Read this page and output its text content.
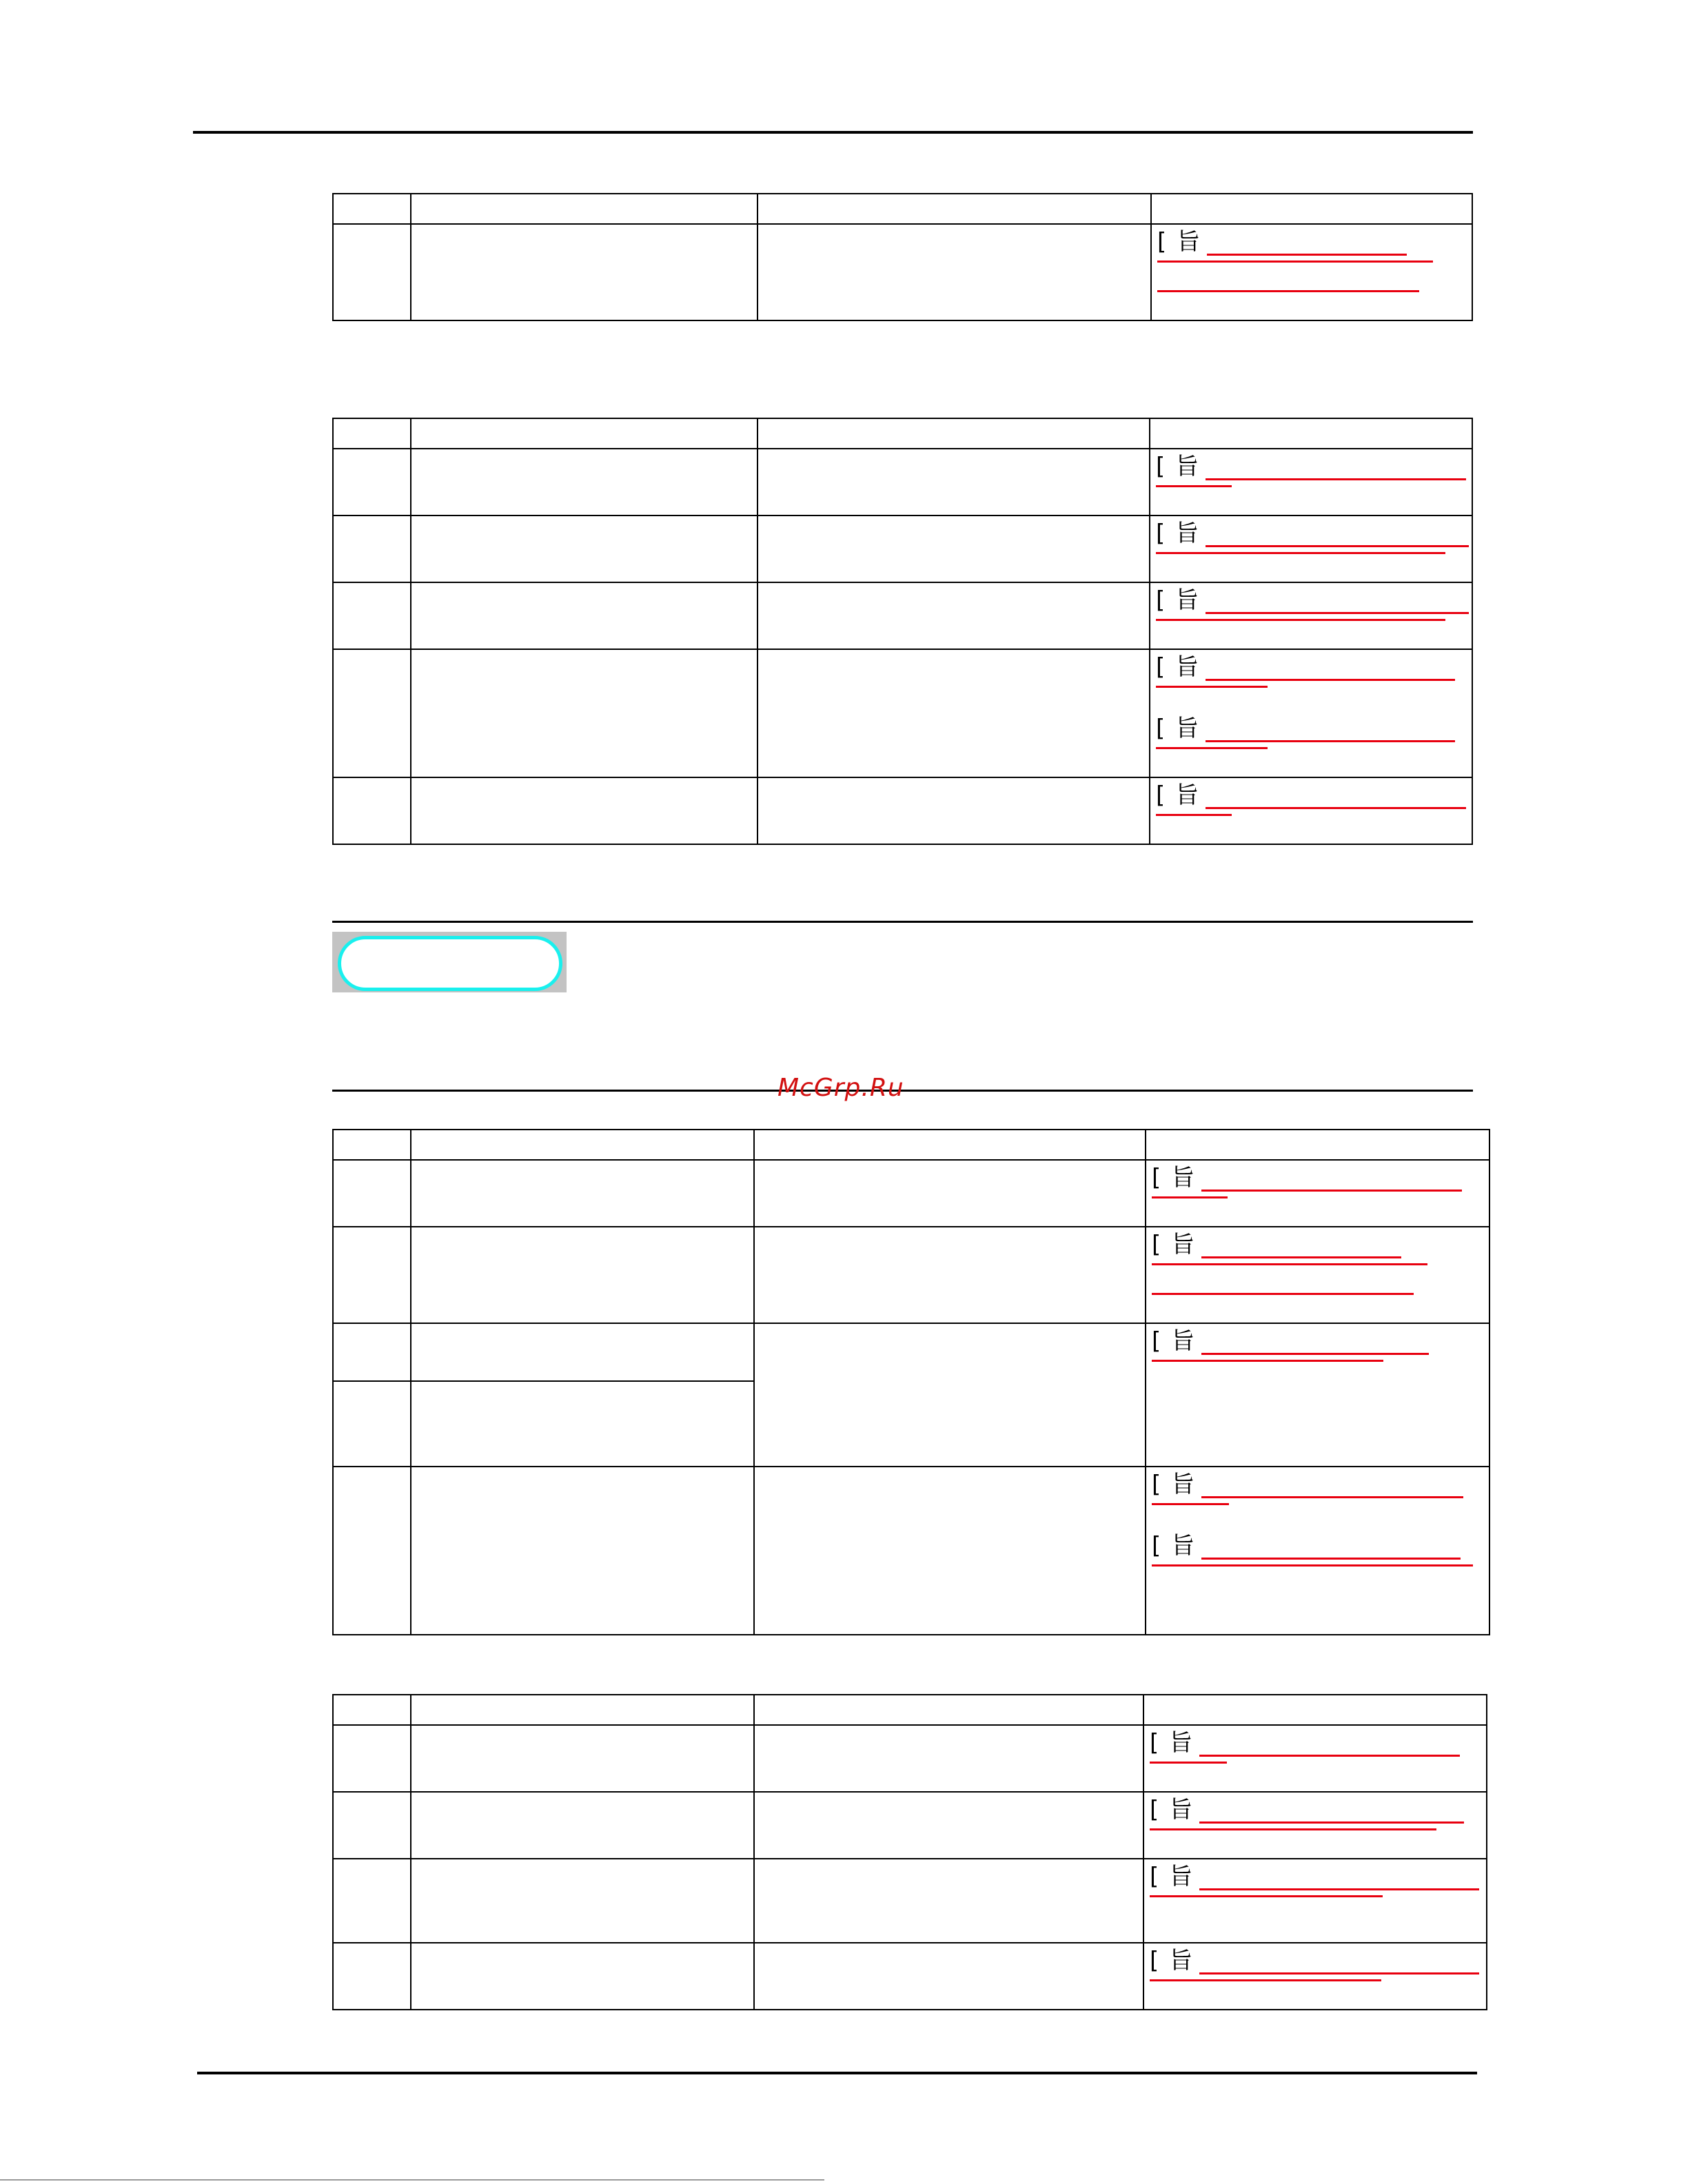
			[ 旨

			[ 旨

			[ 旨

			[ 旨

			[ 旨
[ 旨

			[ 旨
McGrp.Ru

			[ 旨

			[ 旨

			[ 旨

			[ 旨
[ 旨

			[ 旨

			[ 旨

			[ 旨

			[ 旨
